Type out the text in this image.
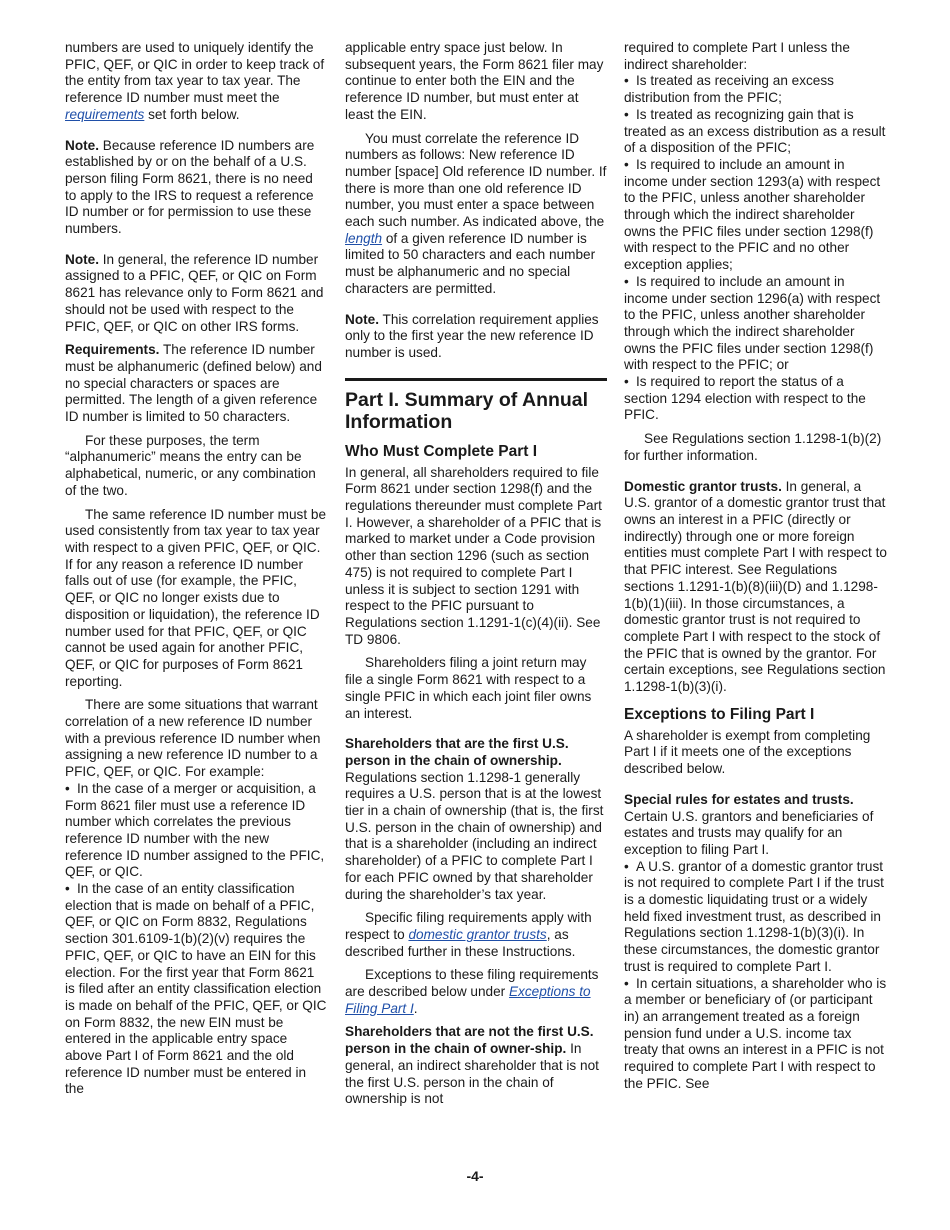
numbers are used to uniquely identify the PFIC, QEF, or QIC in order to keep track of the entity from tax year to tax year. The reference ID number must meet the requirements set forth below.

Note. Because reference ID numbers are established by or on the behalf of a U.S. person filing Form 8621, there is no need to apply to the IRS to request a reference ID number or for permission to use these numbers.

Note. In general, the reference ID number assigned to a PFIC, QEF, or QIC on Form 8621 has relevance only to Form 8621 and should not be used with respect to the PFIC, QEF, or QIC on other IRS forms.

Requirements. The reference ID number must be alphanumeric (defined below) and no special characters or spaces are permitted. The length of a given reference ID number is limited to 50 characters.

For these purposes, the term “alphanumeric” means the entry can be alphabetical, numeric, or any combination of the two.

The same reference ID number must be used consistently from tax year to tax year with respect to a given PFIC, QEF, or QIC. If for any reason a reference ID number falls out of use (for example, the PFIC, QEF, or QIC no longer exists due to disposition or liquidation), the reference ID number used for that PFIC, QEF, or QIC cannot be used again for another PFIC, QEF, or QIC for purposes of Form 8621 reporting.

There are some situations that warrant correlation of a new reference ID number with a previous reference ID number when assigning a new reference ID number to a PFIC, QEF, or QIC. For example:

• In the case of a merger or acquisition, a Form 8621 filer must use a reference ID number which correlates the previous reference ID number with the new reference ID number assigned to the PFIC, QEF, or QIC.

• In the case of an entity classification election that is made on behalf of a PFIC, QEF, or QIC on Form 8832, Regulations section 301.6109-1(b)(2)(v) requires the PFIC, QEF, or QIC to have an EIN for this election. For the first year that Form 8621 is filed after an entity classification election is made on behalf of the PFIC, QEF, or QIC on Form 8832, the new EIN must be entered in the applicable entry space above Part I of Form 8621 and the old reference ID number must be entered in the

applicable entry space just below. In subsequent years, the Form 8621 filer may continue to enter both the EIN and the reference ID number, but must enter at least the EIN.

You must correlate the reference ID numbers as follows: New reference ID number [space] Old reference ID number. If there is more than one old reference ID number, you must enter a space between each such number. As indicated above, the length of a given reference ID number is limited to 50 characters and each number must be alphanumeric and no special characters are permitted.

Note. This correlation requirement applies only to the first year the new reference ID number is used.

Part I. Summary of Annual Information
Who Must Complete Part I

In general, all shareholders required to file Form 8621 under section 1298(f) and the regulations thereunder must complete Part I. However, a shareholder of a PFIC that is marked to market under a Code provision other than section 1296 (such as section 475) is not required to complete Part I unless it is subject to section 1291 with respect to the PFIC pursuant to Regulations section 1.1291-1(c)(4)(ii). See TD 9806.

Shareholders filing a joint return may file a single Form 8621 with respect to a single PFIC in which each joint filer owns an interest.

Shareholders that are the first U.S. person in the chain of ownership. Regulations section 1.1298-1 generally requires a U.S. person that is at the lowest tier in a chain of ownership (that is, the first U.S. person in the chain of ownership) and that is a shareholder (including an indirect shareholder) of a PFIC to complete Part I for each PFIC owned by that shareholder during the shareholder’s tax year.

Specific filing requirements apply with respect to domestic grantor trusts, as described further in these Instructions.

Exceptions to these filing requirements are described below under Exceptions to Filing Part I.

Shareholders that are not the first U.S. person in the chain of owner-ship. In general, an indirect shareholder that is not the first U.S. person in the chain of ownership is not

required to complete Part I unless the indirect shareholder:

• Is treated as receiving an excess distribution from the PFIC;

• Is treated as recognizing gain that is treated as an excess distribution as a result of a disposition of the PFIC;

• Is required to include an amount in income under section 1293(a) with respect to the PFIC, unless another shareholder through which the indirect shareholder owns the PFIC files under section 1298(f) with respect to the PFIC and no other exception applies;

• Is required to include an amount in income under section 1296(a) with respect to the PFIC, unless another shareholder through which the indirect shareholder owns the PFIC files under section 1298(f) with respect to the PFIC; or

• Is required to report the status of a section 1294 election with respect to the PFIC.

See Regulations section 1.1298-1(b)(2) for further information.

Domestic grantor trusts. In general, a U.S. grantor of a domestic grantor trust that owns an interest in a PFIC (directly or indirectly) through one or more foreign entities must complete Part I with respect to that PFIC interest. See Regulations sections 1.1291-1(b)(8)(iii)(D) and 1.1298-1(b)(1)(iii). In those circumstances, a domestic grantor trust is not required to complete Part I with respect to the stock of the PFIC that is owned by the grantor. For certain exceptions, see Regulations section 1.1298-1(b)(3)(i).

Exceptions to Filing Part I

A shareholder is exempt from completing Part I if it meets one of the exceptions described below.

Special rules for estates and trusts. Certain U.S. grantors and beneficiaries of estates and trusts may qualify for an exception to filing Part I.

• A U.S. grantor of a domestic grantor trust is not required to complete Part I if the trust is a domestic liquidating trust or a widely held fixed investment trust, as described in Regulations section 1.1298-1(b)(3)(i). In these circumstances, the domestic grantor trust is required to complete Part I.

• In certain situations, a shareholder who is a member or beneficiary of (or participant in) an arrangement treated as a foreign pension fund under a U.S. income tax treaty that owns an interest in a PFIC is not required to complete Part I with respect to the PFIC. See

-4-
